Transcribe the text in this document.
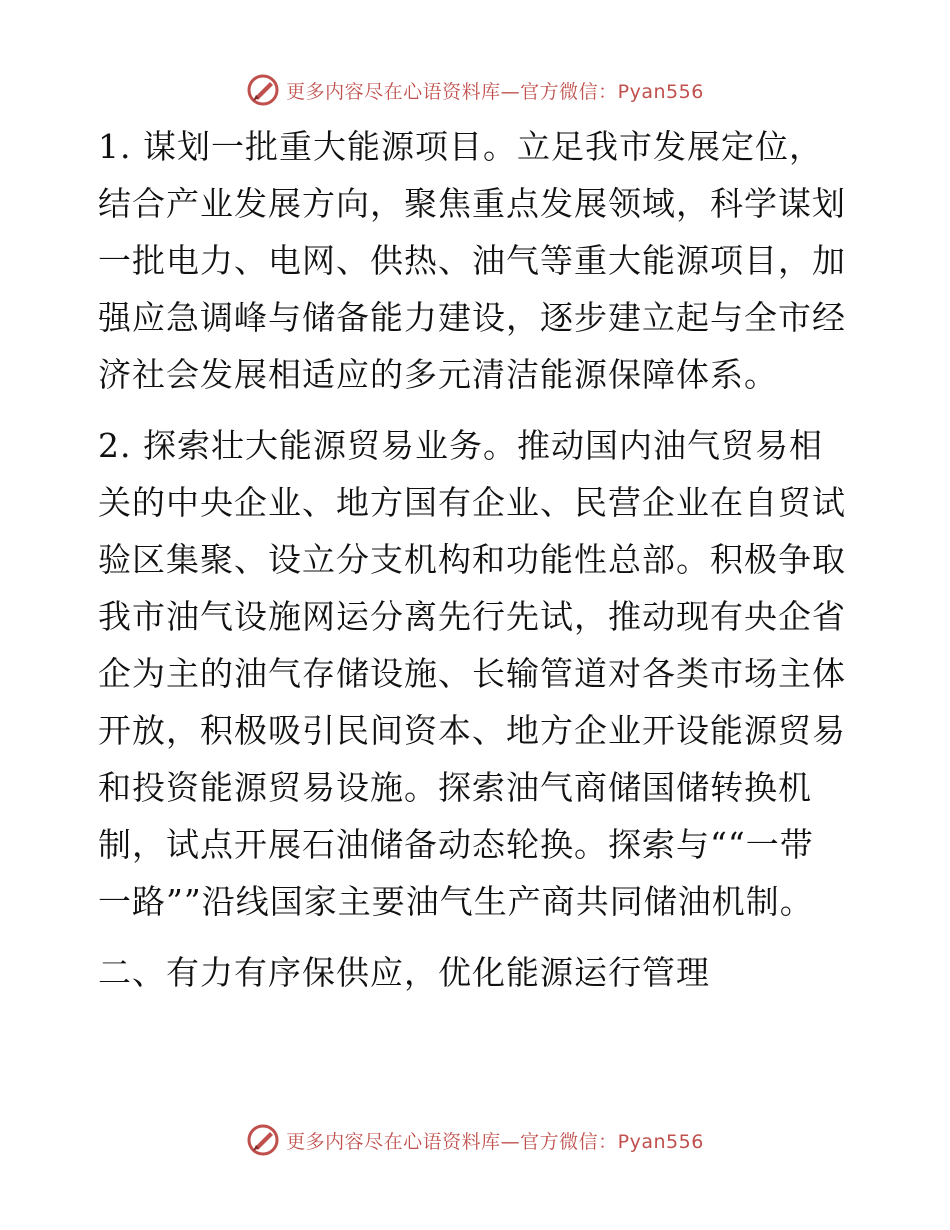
更多内容尽在心语资料库—官方微信：Pyan556
1. 谋划一批重大能源项目。立足我市发展定位，
结合产业发展方向，聚焦重点发展领域，科学谋划
一批电力、电网、供热、油气等重大能源项目，加
强应急调峰与储备能力建设，逐步建立起与全市经
济社会发展相适应的多元清洁能源保障体系。
2. 探索壮大能源贸易业务。推动国内油气贸易相
关的中央企业、地方国有企业、民营企业在自贸试
验区集聚、设立分支机构和功能性总部。积极争取
我市油气设施网运分离先行先试，推动现有央企省
企为主的油气存储设施、长输管道对各类市场主体
开放，积极吸引民间资本、地方企业开设能源贸易
和投资能源贸易设施。探索油气商储国储转换机
制，试点开展石油储备动态轮换。探索与““一带
一路””沿线国家主要油气生产商共同储油机制。
二、有力有序保供应，优化能源运行管理
更多内容尽在心语资料库—官方微信：Pyan556
